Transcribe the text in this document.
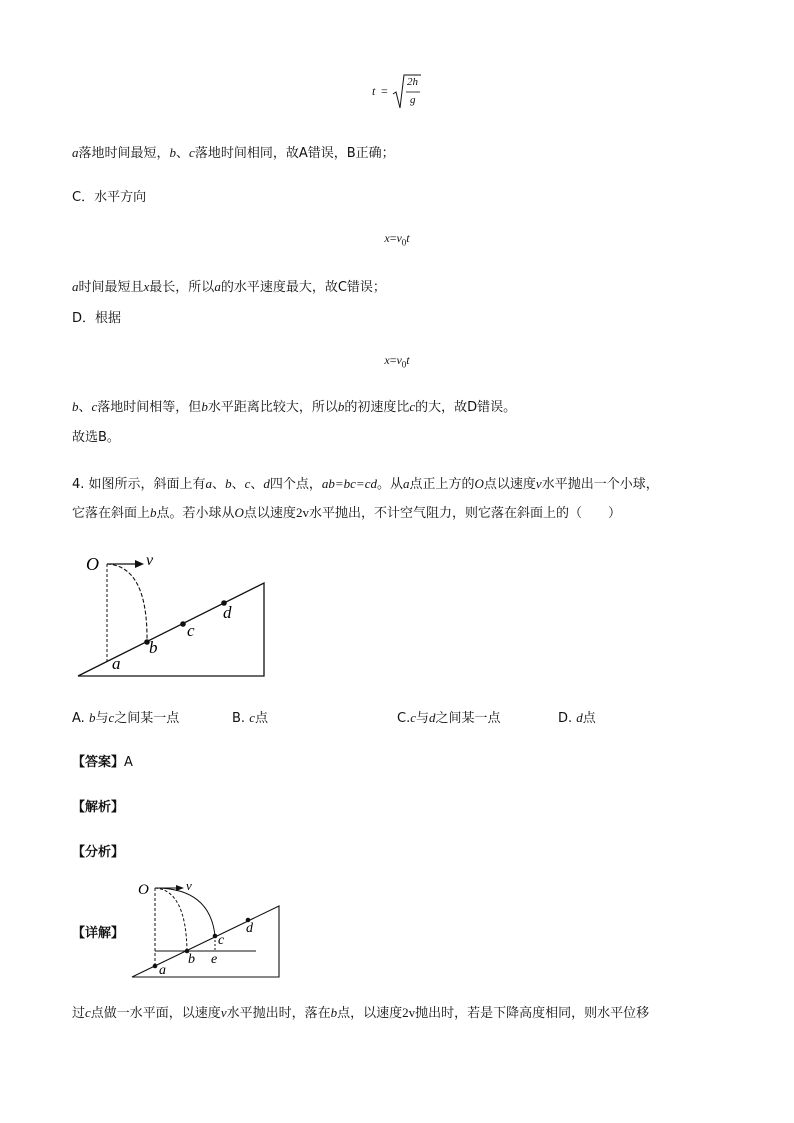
t =
2h
g
a落地时间最短，b、c落地时间相同，故A错误，B正确；
C．水平方向
$x=v_0t$
a时间最短且x最长，所以a的水平速度最大，故C错误；
D．根据
$x=v_0t$
b、c落地时间相等，但b水平距离比较大，所以b的初速度比c的大，故D错误。
故选B。
4. 如图所示，斜面上有a、b、c、d四个点，ab=bc=cd。从a点正上方的O点以速度v水平抛出一个小球，
它落在斜面上b点。若小球从O点以速度2v水平抛出，不计空气阻力，则它落在斜面上的（　　）
O	v
a
b
c
d
A. b与c之间某一点	B. c点	C.c与d之间某一点	D. d点
【答案】A
【解析】
【分析】
【详解】
O	v
a
b
c
e
d
过c点做一水平面，以速度v水平抛出时，落在b点，以速度2v抛出时，若是下降高度相同，则水平位移
